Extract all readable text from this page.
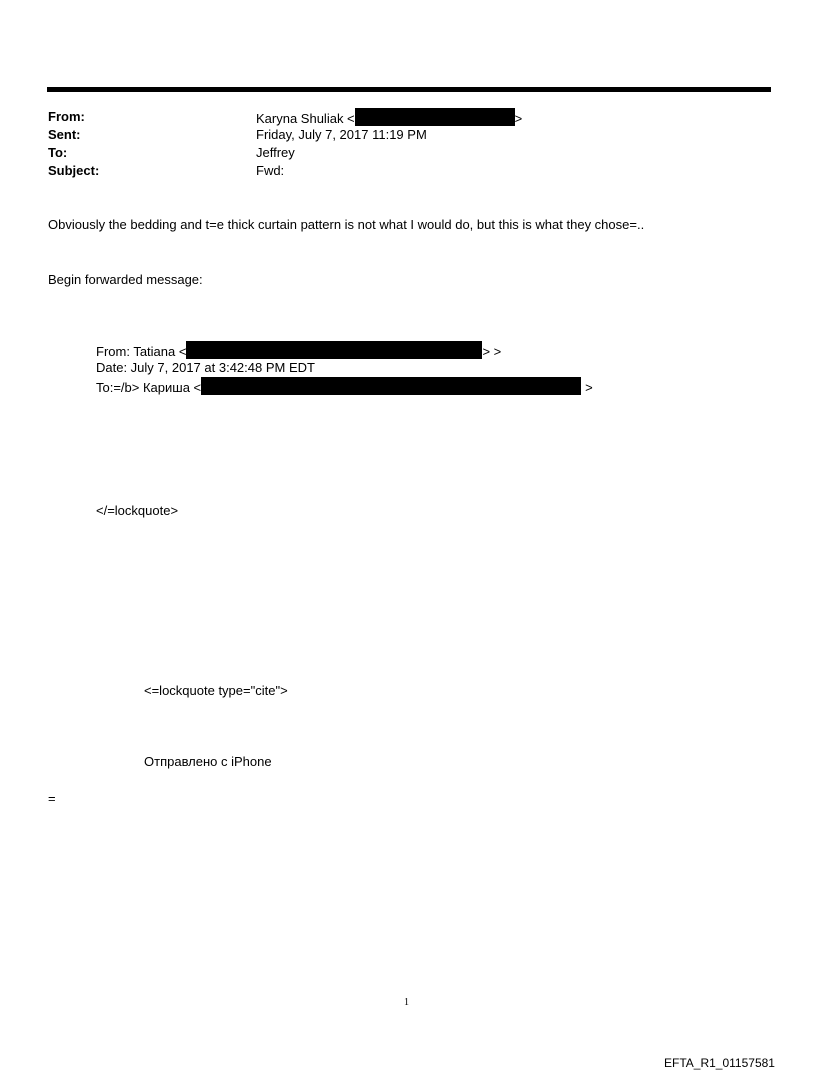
From:	Karyna Shuliak <	>
Sent:	Friday, July 7, 2017 11:19 PM
To:	Jeffrey
Subject:	Fwd:
Obviously the bedding and t=e thick curtain pattern is not what I would do, but this is what they chose=..
Begin forwarded message:
From: Tatiana <	> >
Date: July 7, 2017 at 3:42:48 PM EDT
To:=/b> Кариша <	>
</=lockquote>
<=lockquote type="cite">
Отправлено с iPhone
=
1
EFTA_R1_01157581
